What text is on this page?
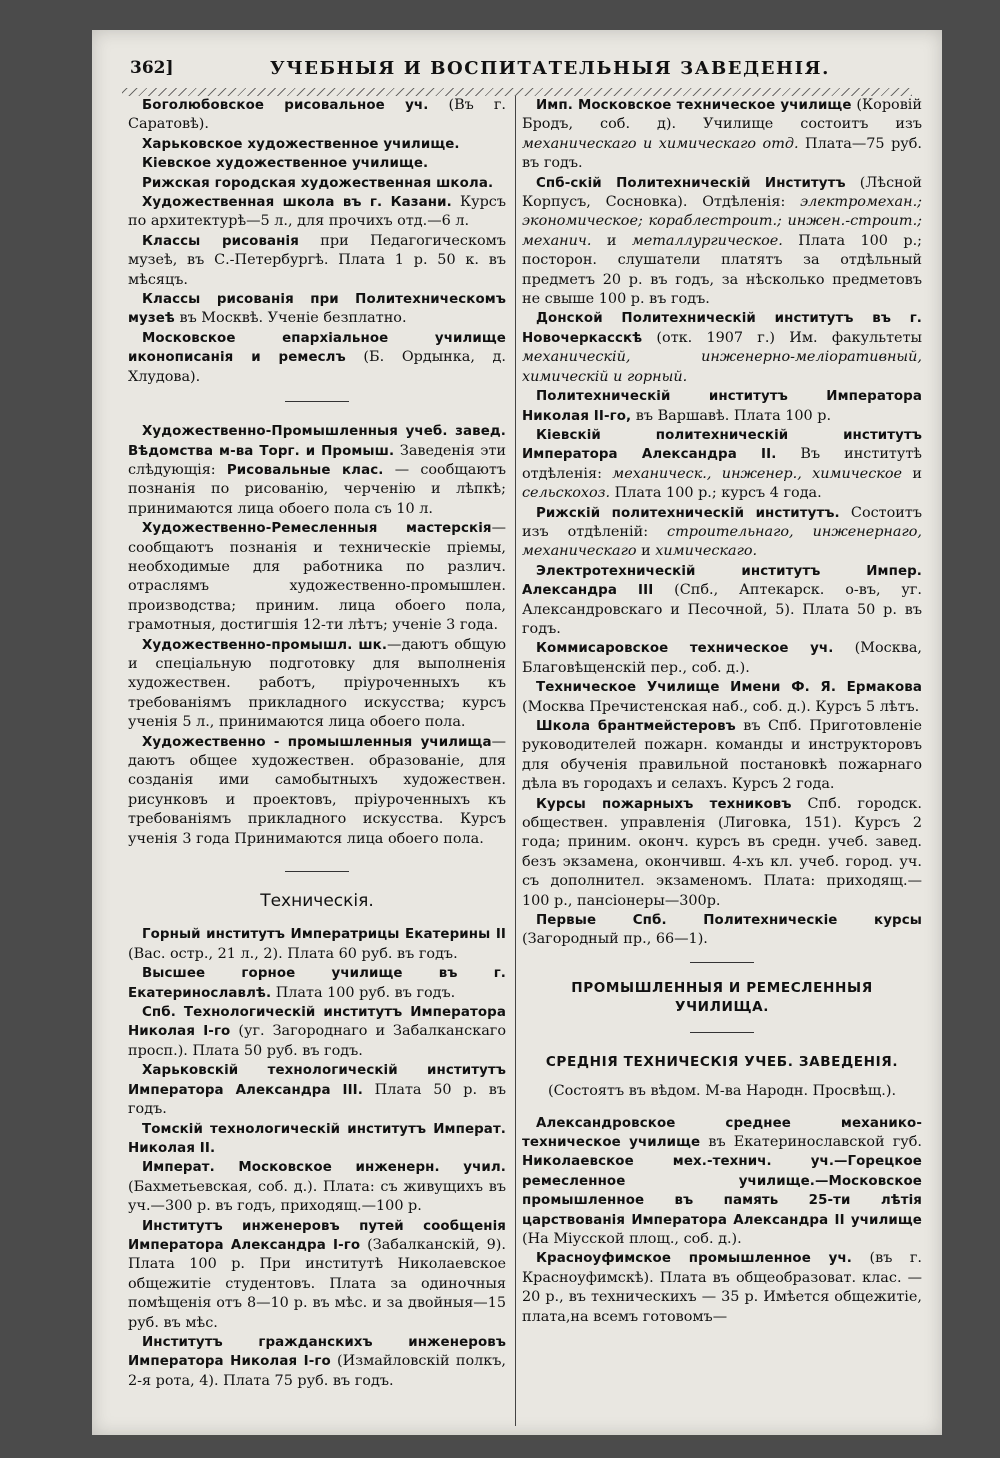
362]	УЧЕБНЫЯ И ВОСПИТАТЕЛЬНЫЯ ЗАВЕДЕНІЯ.

Боголюбовское рисовальное уч. (Въ г. Саратовѣ).

Харьковское художественное училище.

Кіевское художественное училище.

Рижская городская художественная школа.

Художественная школа въ г. Казани. Курсъ по архитектурѣ—5 л., для прочихъ отд.—6 л.

Классы рисованія при Педагогическомъ музеѣ, въ С.-Петербургѣ. Плата 1 р. 50 к. въ мѣсяцъ.

Классы рисованія при Политехническомъ музеѣ въ Москвѣ. Ученіе безплатно.

Московское епархіальное училище иконописанія и ремеслъ (Б. Ордынка, д. Хлудова).

Художественно-Промышленныя учеб. завед. Вѣдомства м-ва Торг. и Промыш. Заведенія эти слѣдующія: Рисовальные клас. — сообщаютъ познанія по рисованію, черченію и лѣпкѣ; принимаются лица обоего пола съ 10 л.

Художественно-Ремесленныя мастерскія—сообщаютъ познанія и техническіе пріемы, необходимые для работника по различ. отраслямъ художественно-промышлен. производства; приним. лица обоего пола, грамотныя, достигшія 12-ти лѣтъ; ученіе 3 года.

Художественно-промышл. шк.—даютъ общую и спеціальную подготовку для выполненія художествен. работъ, пріуроченныхъ къ требованіямъ прикладного искусства; курсъ ученія 5 л., принимаются лица обоего пола.

Художественно - промышленныя училища—даютъ общее художествен. образованіе, для созданія ими самобытныхъ художествен. рисунковъ и проектовъ, пріуроченныхъ къ требованіямъ прикладного искусства. Курсъ ученія 3 года Принимаются лица обоего пола.

Техническія.

Горный институтъ Императрицы Екатерины II (Вас. остр., 21 л., 2). Плата 60 руб. въ годъ.

Высшее горное училище въ г. Екатеринославлѣ. Плата 100 руб. въ годъ.

Спб. Технологическій институтъ Императора Николая I-го (уг. Загороднаго и Забалканскаго просп.). Плата 50 руб. въ годъ.

Харьковскій технологическій институтъ Императора Александра III. Плата 50 р. въ годъ.

Томскій технологическій институтъ Императ. Николая II.

Императ. Московское инженерн. учил. (Бахметьевская, соб. д.). Плата: съ живущихъ въ уч.—300 р. въ годъ, приходящ.—100 р.

Институтъ инженеровъ путей сообщенія Императора Александра I-го (Забалканскій, 9). Плата 100 р. При институтѣ Николаевское общежитіе студентовъ. Плата за одиночныя помѣщенія отъ 8—10 р. въ мѣс. и за двойныя—15 руб. въ мѣс.

Институтъ гражданскихъ инженеровъ Императора Николая I-го (Измайловскій полкъ, 2-я рота, 4). Плата 75 руб. въ годъ.

Имп. Московское техническое училище (Коровій Бродъ, соб. д). Училище состоитъ изъ механическаго и химическаго отд. Плата—75 руб. въ годъ.

Спб-скій Политехническій Институтъ (Лѣсной Корпусъ, Сосновка). Отдѣленія: электромехан.; экономическое; кораблестроит.; инжен.-строит.; механич. и металлургическое. Плата 100 р.; посторон. слушатели платятъ за отдѣльный предметъ 20 р. въ годъ, за нѣсколько предметовъ не свыше 100 р. въ годъ.

Донской Политехническій институтъ въ г. Новочеркасскѣ (отк. 1907 г.) Им. факультеты механическій, инженерно-меліоративный, химическій и горный.

Политехническій институтъ Императора Николая II-го, въ Варшавѣ. Плата 100 р.

Кіевскій политехническій институтъ Императора Александра II. Въ институтѣ отдѣленія: механическ., инженер., химическое и сельскохоз. Плата 100 р.; курсъ 4 года.

Рижскій политехническій институтъ. Состоитъ изъ отдѣленій: строительнаго, инженернаго, механическаго и химическаго.

Электротехническій институтъ Импер. Александра III (Спб., Аптекарск. о-въ, уг. Александровскаго и Песочной, 5). Плата 50 р. въ годъ.

Коммисаровское техническое уч. (Москва, Благовѣщенскій пер., соб. д.).

Техническое Училище Имени Ф. Я. Ермакова (Москва Пречистенская наб., соб. д.). Курсъ 5 лѣтъ.

Школа брантмейстеровъ въ Спб. Приготовленіе руководителей пожарн. команды и инструкторовъ для обученія правильной постановкѣ пожарнаго дѣла въ городахъ и селахъ. Курсъ 2 года.

Курсы пожарныхъ техниковъ Спб. городск. обществен. управленія (Лиговка, 151). Курсъ 2 года; приним. оконч. курсъ въ средн. учеб. завед. безъ экзамена, окончивш. 4-хъ кл. учеб. город. уч. съ дополнител. экзаменомъ. Плата: приходящ.—100 р., пансіонеры—300р.

Первые Спб. Политехническіе курсы (Загородный пр., 66—1).

ПРОМЫШЛЕННЫЯ И РЕМЕСЛЕННЫЯ УЧИЛИЩА.
СРЕДНІЯ ТЕХНИЧЕСКІЯ УЧЕБ. ЗАВЕДЕНІЯ.
(Состоятъ въ вѣдом. М-ва Народн. Просвѣщ.).

Александровское среднее механико-техническое училище въ Екатеринославской губ. Николаевское мех.-технич. уч.—Горецкое ремесленное училище.—Московское промышленное въ память 25-ти лѣтія царствованія Императора Александра II училище (На Міусской площ., соб. д.).

Красноуфимское промышленное уч. (въ г. Красноуфимскѣ). Плата въ общеобразоват. клас. — 20 р., въ техническихъ — 35 р. Имѣется общежитіе, плата,на всемъ готовомъ—
